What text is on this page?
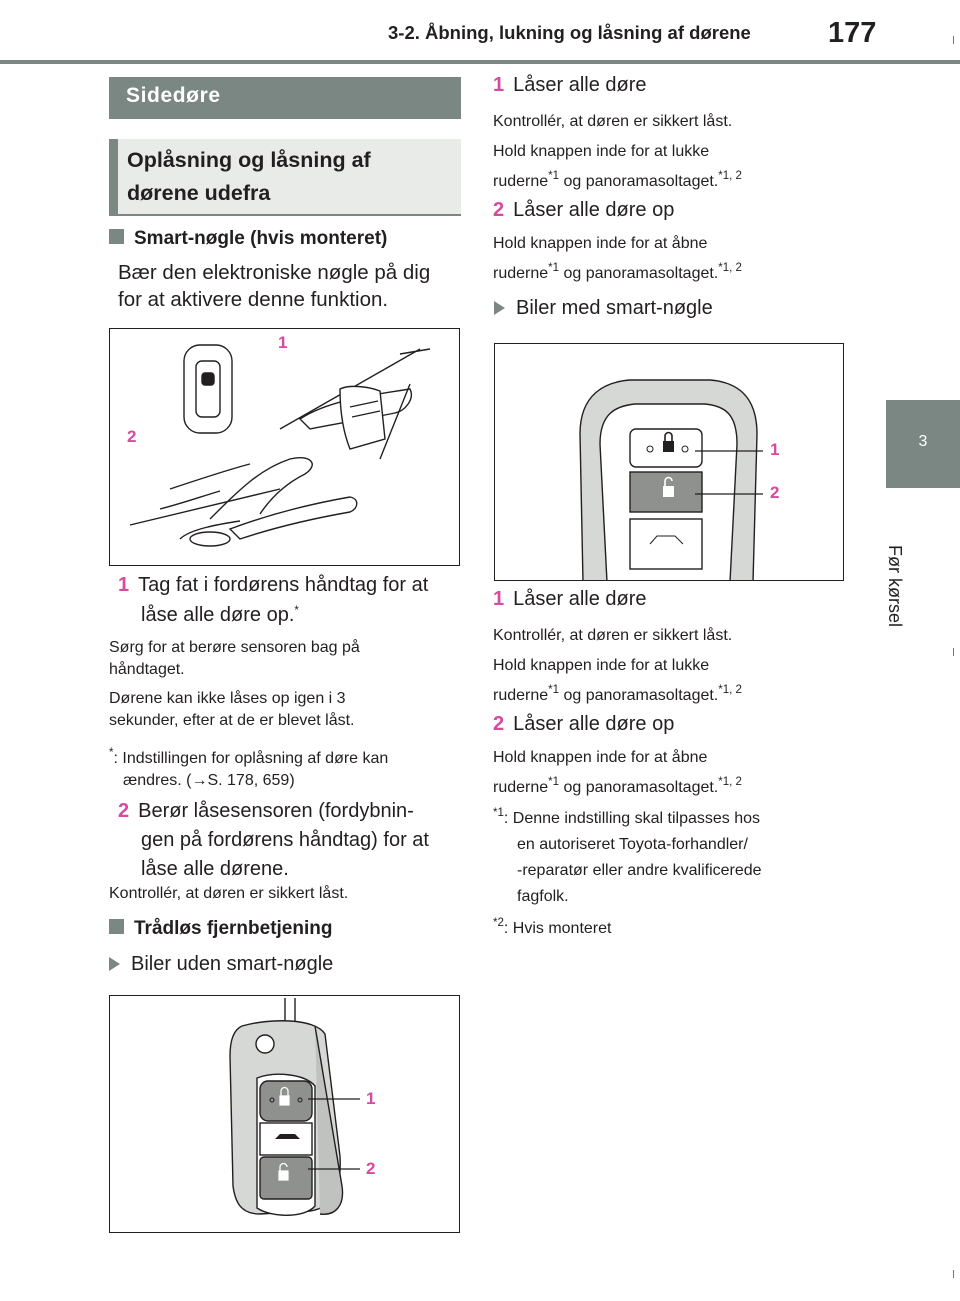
3-2. Åbning, lukning og låsning af dørene	177
3
Før kørsel
Sidedøre
Oplåsning og låsning af
dørene udefra
Smart-nøgle (hvis monteret)
Bær den elektroniske nøgle på dig
for at aktivere denne funktion.
1
2
1 Tag fat i fordørens håndtag for at
låse alle døre op.*
Sørg for at berøre sensoren bag på
håndtaget.
Dørene kan ikke låses op igen i 3
sekunder, efter at de er blevet låst.
*: Indstillingen for oplåsning af døre kan
ændres. (→S. 178, 659)
2 Berør låsesensoren (fordybnin-
gen på fordørens håndtag) for at
låse alle dørene.
Kontrollér, at døren er sikkert låst.
Trådløs fjernbetjening
Biler uden smart-nøgle
1
2
1 Låser alle døre
Kontrollér, at døren er sikkert låst.
Hold knappen inde for at lukke
ruderne$^{*1}$ og panoramasoltaget.$^{*1, 2}$
2 Låser alle døre op
Hold knappen inde for at åbne
ruderne$^{*1}$ og panoramasoltaget.$^{*1, 2}$
Biler med smart-nøgle
1
2
1 Låser alle døre
Kontrollér, at døren er sikkert låst.
Hold knappen inde for at lukke
ruderne$^{*1}$ og panoramasoltaget.$^{*1, 2}$
2 Låser alle døre op
Hold knappen inde for at åbne
ruderne$^{*1}$ og panoramasoltaget.$^{*1, 2}$
$^{*1}$: Denne indstilling skal tilpasses hos
en autoriseret Toyota-forhandler/
-reparatør eller andre kvalificerede
fagfolk.
$^{*2}$: Hvis monteret
